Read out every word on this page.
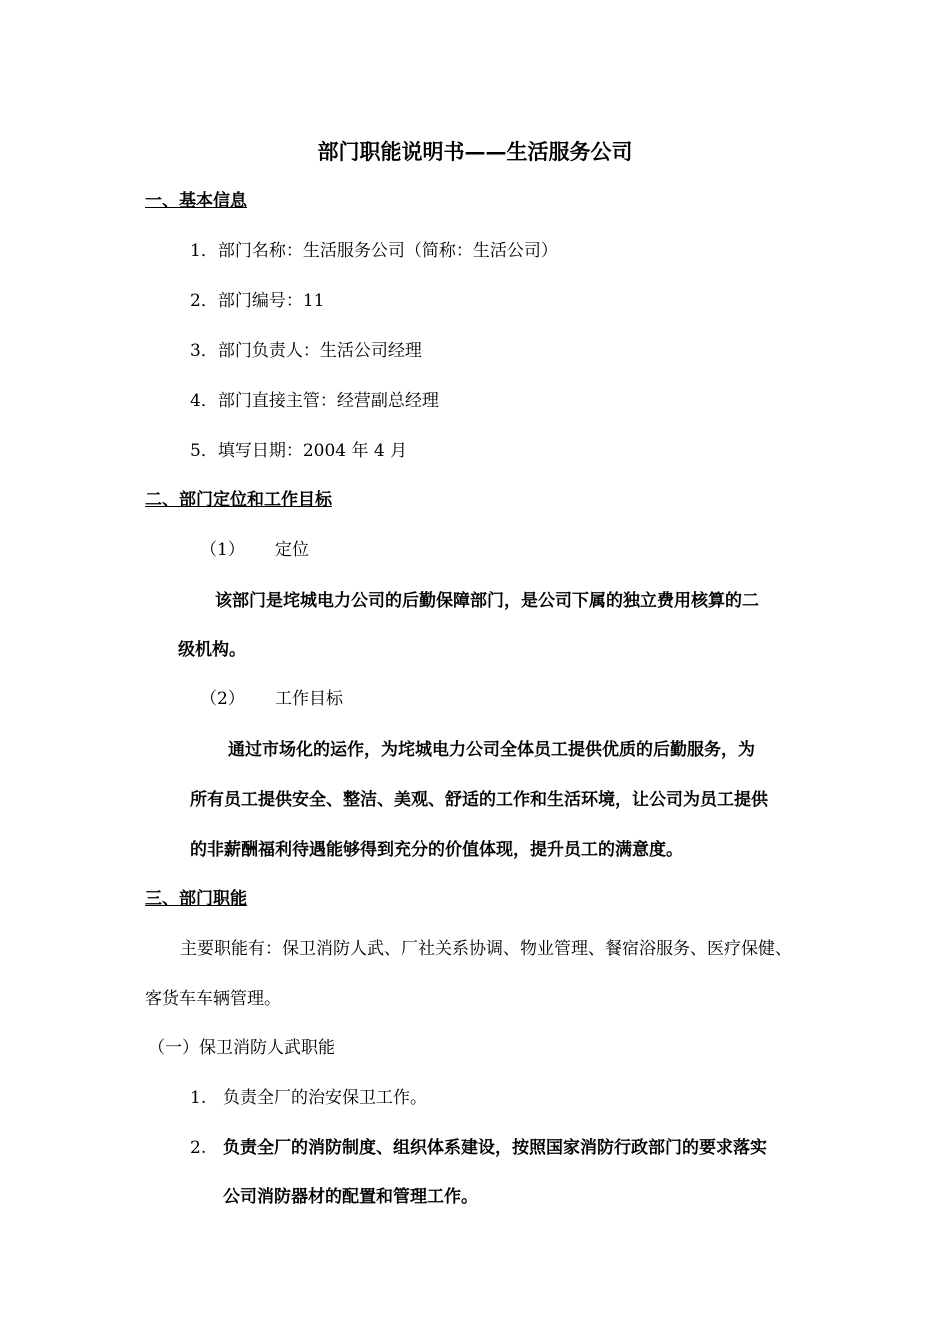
部门职能说明书——生活服务公司
一、基本信息
1．部门名称：生活服务公司（简称：生活公司）
2．部门编号：11
3．部门负责人：生活公司经理
4．部门直接主管：经营副总经理
5．填写日期：2004 年 4 月
二、部门定位和工作目标
（1） 定位
该部门是垞城电力公司的后勤保障部门，是公司下属的独立费用核算的二
级机构。
（2） 工作目标
通过市场化的运作，为垞城电力公司全体员工提供优质的后勤服务，为
所有员工提供安全、整洁、美观、舒适的工作和生活环境，让公司为员工提供
的非薪酬福利待遇能够得到充分的价值体现，提升员工的满意度。
三、部门职能
主要职能有：保卫消防人武、厂社关系协调、物业管理、餐宿浴服务、医疗保健、
客货车车辆管理。
（一）保卫消防人武职能
1. 负责全厂的治安保卫工作。
2. 负责全厂的消防制度、组织体系建设，按照国家消防行政部门的要求落实
公司消防器材的配置和管理工作。
